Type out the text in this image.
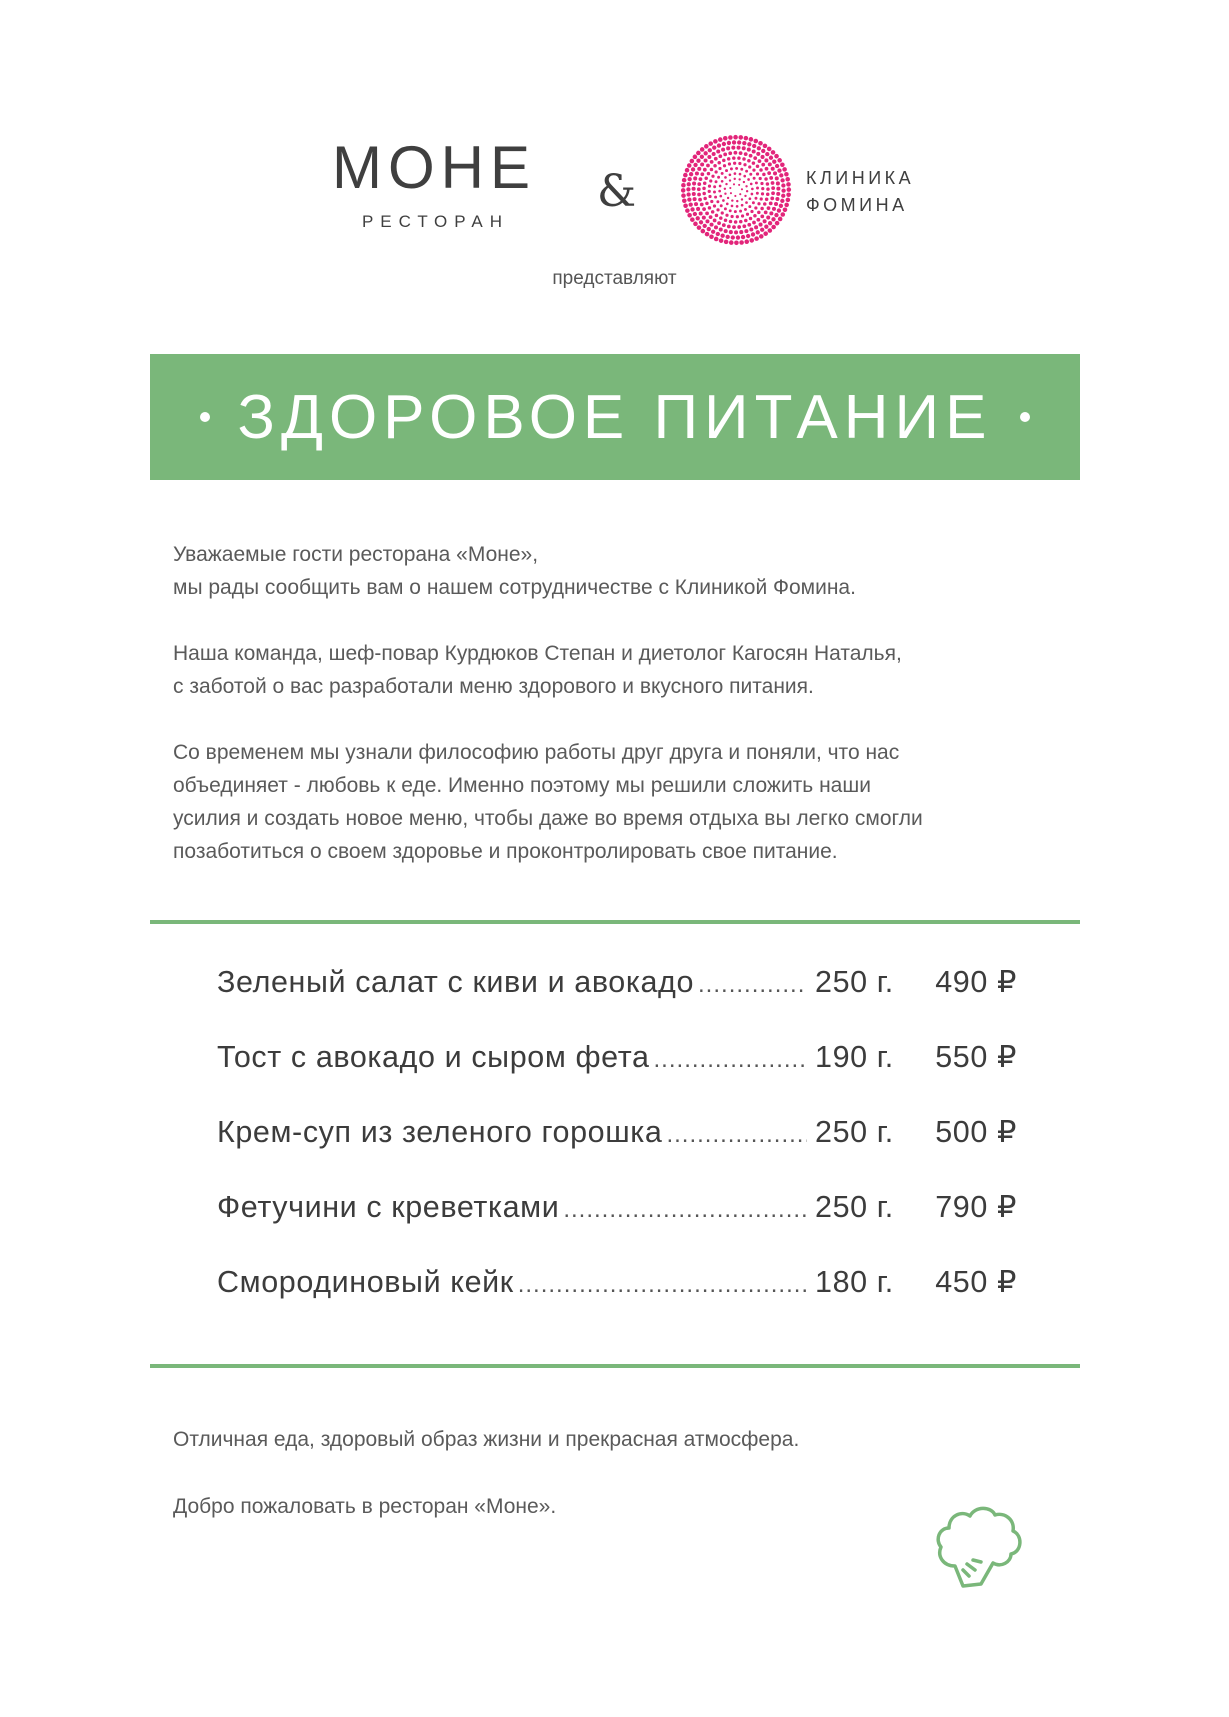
МОНЕ
РЕСТОРАН
&	КЛИНИКА
ФОМИНА
представляют
ЗДОРОВОЕ ПИТАНИЕ

Уважаемые гости ресторана «Моне»,
мы рады сообщить вам о нашем сотрудничестве с Клиникой Фомина.

Наша команда, шеф-повар Курдюков Степан и диетолог Кагосян Наталья,
с заботой о вас разработали меню здорового и вкусного питания.

Со временем мы узнали философию работы друг друга и поняли, что нас
объединяет - любовь к еде. Именно поэтому мы решили сложить наши
усилия и создать новое меню, чтобы даже во время отдыха вы легко смогли
позаботиться о своем здоровье и проконтролировать свое питание.

Зеленый салат с киви и авокадо .....	250 г.	490 ₽
Тост с авокадо и сыром фета .....	190 г.	550 ₽
Крем-суп из зеленого горошка .....	250 г.	500 ₽
Фетучини с креветками .....	250 г.	790 ₽
Смородиновый кейк .....	180 г.	450 ₽
Отличная еда, здоровый образ жизни и прекрасная атмосфера.
Добро пожаловать в ресторан «Моне».
